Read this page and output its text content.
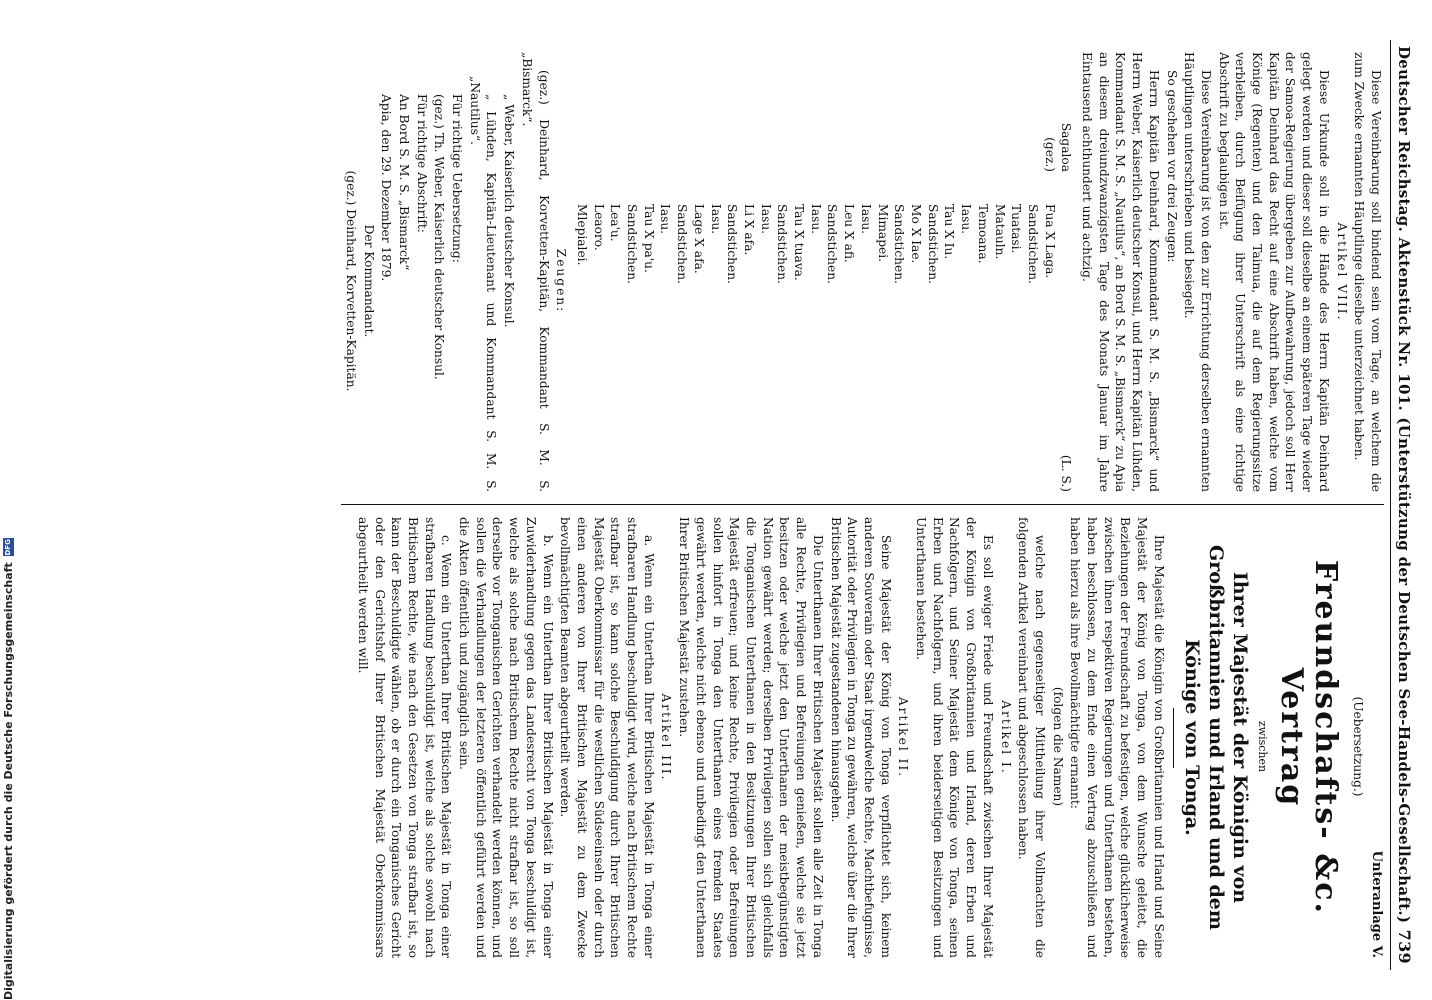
Digitalisierung gefördert durch die Deutsche Forschungsgemeinschaft
DFG
Deutscher Reichstag. Aktenstück Nr. 101.
(Unterstützung der Deutschen See-Handels-Gesellschaft.)
739

Diese Vereinbarung soll bindend sein vom Tage, an welchem die zum Zwecke ernannten Häuptlinge dieselbe unterzeichnet haben.

Artikel VIII.

Diese Urkunde soll in die Hände des Herrn Kapitän Deinhard gelegt werden und dieser soll dieselbe an einem späteren Tage wieder der Samoa-Regierung übergeben zur Aufbewahrung, jedoch soll Herr Kapitän Deinhard das Recht auf eine Abschrift haben, welche vom Könige (Regenten) und den Taimua, die auf dem Regierungssitze verbleiben, durch Beifügung ihrer Unterschrift als eine richtige Abschrift zu beglaubigen ist.

Diese Vereinbarung ist von den zur Errichtung derselben ernannten Häuptlingen unterschrieben und besiegelt.

So geschehen vor drei Zeugen:

Herrn Kapitän Deinhard, Kommandant S. M. S. „Bismarck“ und Herrn Weber, Kaiserlich deutscher Konsul, und Herrn Kapitän Lühden, Kommandant S. M. S. „Nautilus“, an Bord S. M. S. „Bismarck“ zu Apia an diesem dreiundzwanzigsten Tage des Monats Januar im Jahre Eintausend achthundert und achtzig.

Sagaloa
(L. S.)
(gez.)
Fua X Laga.
Sandstichen.
Tuatasi.
Matauln.
Temoana.
Iasu.
Tau X Iu.
Sandstichen.
Mo X Iae.
Sandstichen.
Mimapei.
Iasu.
Leu X afi.
Sandstichen.
Iasu.
Tau X tuava.
Sandstichen.
Iasu.
Li X afa.
Sandstichen.
Iasu.
Lage X afa.
Sandstichen.
Iasu.
Tau X pa'u.
Sandstichen.
Lea'u.
Leaoro.
Mlepialei.

Zeugen:

(gez.) Deinhard, Korvetten-Kapitän, Kommandant S. M. S. „Bismarck“.

„ Weber, Kaiserlich deutscher Konsul.

„ Lühden, Kapitän-Lieutenant und Kommandant S. M. S. „Nautilus“.

Für richtige Uebersetzung:

(gez.) Th. Weber, Kaiserlich deutscher Konsul.

Für richtige Abschrift:

An Bord S. M. S. „Bismarck“

Apia, den 29. Dezember 1879.

Der Kommandant.

(gez.) Deinhard, Korvetten-Kapitän.

Unteranlage V.

(Uebersetzung.)

Freundschafts- &c. Vertrag

zwischen

Ihrer Majestät der Königin von Großbritannien und Irland und dem Könige von Tonga.

Ihre Majestät die Königin von Großbritannien und Irland und Seine Majestät der König von Tonga, von dem Wunsche geleitet, die Beziehungen der Freundschaft zu befestigen, welche glücklicherweise zwischen ihnen respektiven Regierungen und Unterthanen bestehen, haben beschlossen, zu dem Ende einen Vertrag abzuschließen und haben hierzu als ihre Bevollmächtigte ernannt:

(folgen die Namen)

welche nach gegenseitiger Mittheilung ihrer Vollmachten die folgenden Artikel vereinbart und abgeschlossen haben.

Artikel I.

Es soll ewiger Friede und Freundschaft zwischen Ihrer Majestät der Königin von Großbritannien und Irland, deren Erben und Nachfolgern, und Seiner Majestät dem Könige von Tonga, seinen Erben und Nachfolgern, und ihren beiderseitigen Besitzungen und Unterthanen bestehen.

Artikel II.

Seine Majestät der König von Tonga verpflichtet sich, keinem anderen Souverain oder Staat irgendwelche Rechte, Machtbefugnisse, Autorität oder Privilegien in Tonga zu gewähren, welche über die Ihrer Britischen Majestät zugestandenen hinausgehen.

Die Unterthanen Ihrer Britischen Majestät sollen alle Zeit in Tonga alle Rechte, Privilegien und Befreiungen genießen, welche sie jetzt besitzen oder welche jetzt den Unterthanen der meistbegünstigten Nation gewährt werden; derselben Privilegien sollen sich gleichfalls die Tonganischen Unterthanen in den Besitzungen Ihrer Britischen Majestät erfreuen; und keine Rechte, Privilegien oder Befreiungen sollen hinfort in Tonga den Unterthanen eines fremden Staates gewährt werden, welche nicht ebenso und unbedingt den Unterthanen Ihrer Britischen Majestät zustehen.

Artikel III.

a. Wenn ein Unterthan Ihrer Britischen Majestät in Tonga einer strafbaren Handlung beschuldigt wird, welche nach Britischem Rechte strafbar ist, so kann solche Beschuldigung durch Ihrer Britischen Majestät Oberkommissar für die westlichen Südseeinseln oder durch einen anderen von Ihrer Britischen Majestät zu dem Zwecke bevollmächtigten Beamten abgeurtheilt werden.

b. Wenn ein Unterthan Ihrer Britischen Majestät in Tonga einer Zuwiderhandlung gegen das Landesrecht von Tonga beschuldigt ist, welche als solche nach Britischem Rechte nicht strafbar ist, so soll derselbe vor Tonganischen Gerichten verhandelt werden können, und sollen die Verhandlungen der letzteren öffentlich geführt werden und die Akten öffentlich und zugänglich sein.

c. Wenn ein Unterthan Ihrer Britischen Majestät in Tonga einer strafbaren Handlung beschuldigt ist, welche als solche sowohl nach Britischem Rechte, wie nach den Gesetzen von Tonga strafbar ist, so kann der Beschuldigte wählen, ob er durch ein Tonganisches Gericht oder den Gerichtshof Ihrer Britischen Majestät Oberkommissars abgeurtheilt werden will.
